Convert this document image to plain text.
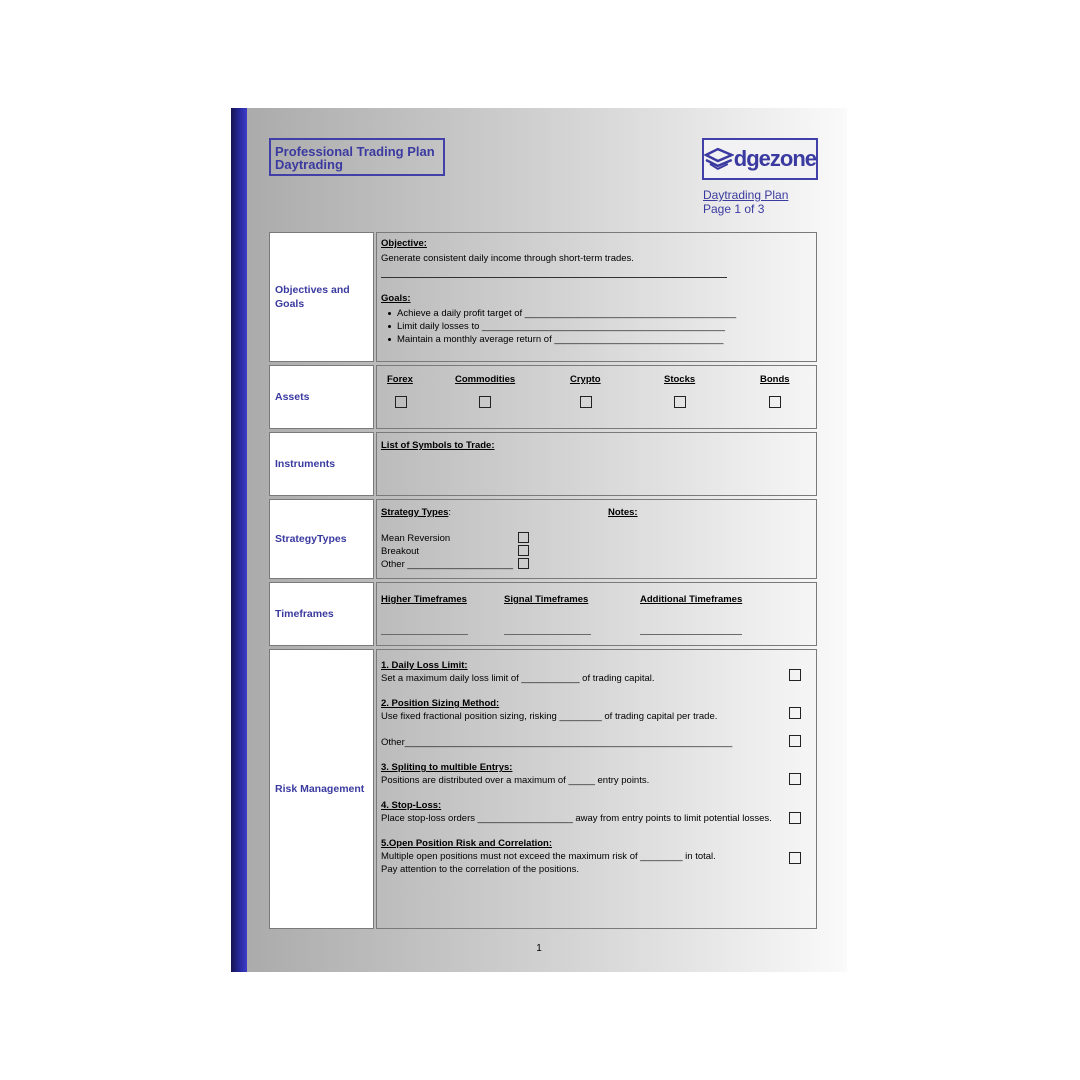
Professional Trading Plan
Daytrading	dgezone
Daytrading Plan
Page 1 of 3
Objectives and Goals
Objective:
Generate consistent daily income through short-term trades.
Goals:
Achieve a daily profit target of ________________________________________
Limit daily losses to ______________________________________________
Maintain a monthly average return of ________________________________
Assets
Forex	Commodities	Crypto	Stocks	Bonds
Instruments
List of Symbols to Trade:
StrategyTypes
Strategy Types:	Notes:
Mean Reversion
Breakout
Other ____________________
Timeframes
Higher Timeframes	Signal Timeframes	Additional Timeframes
Risk Management
1. Daily Loss Limit:
Set a maximum daily loss limit of ___________ of trading capital.
2. Position Sizing Method:
Use fixed fractional position sizing, risking ________ of trading capital per trade.
Other______________________________________________________________
3. Spliting to multible Entrys:
Positions are distributed over a maximum of _____ entry points.
4. Stop-Loss:
Place stop-loss orders __________________ away from entry points to limit potential losses.
5.Open Position Risk and Correlation:
Multiple open positions must not exceed the maximum risk of ________ in total.
Pay attention to the correlation of the positions.
1
